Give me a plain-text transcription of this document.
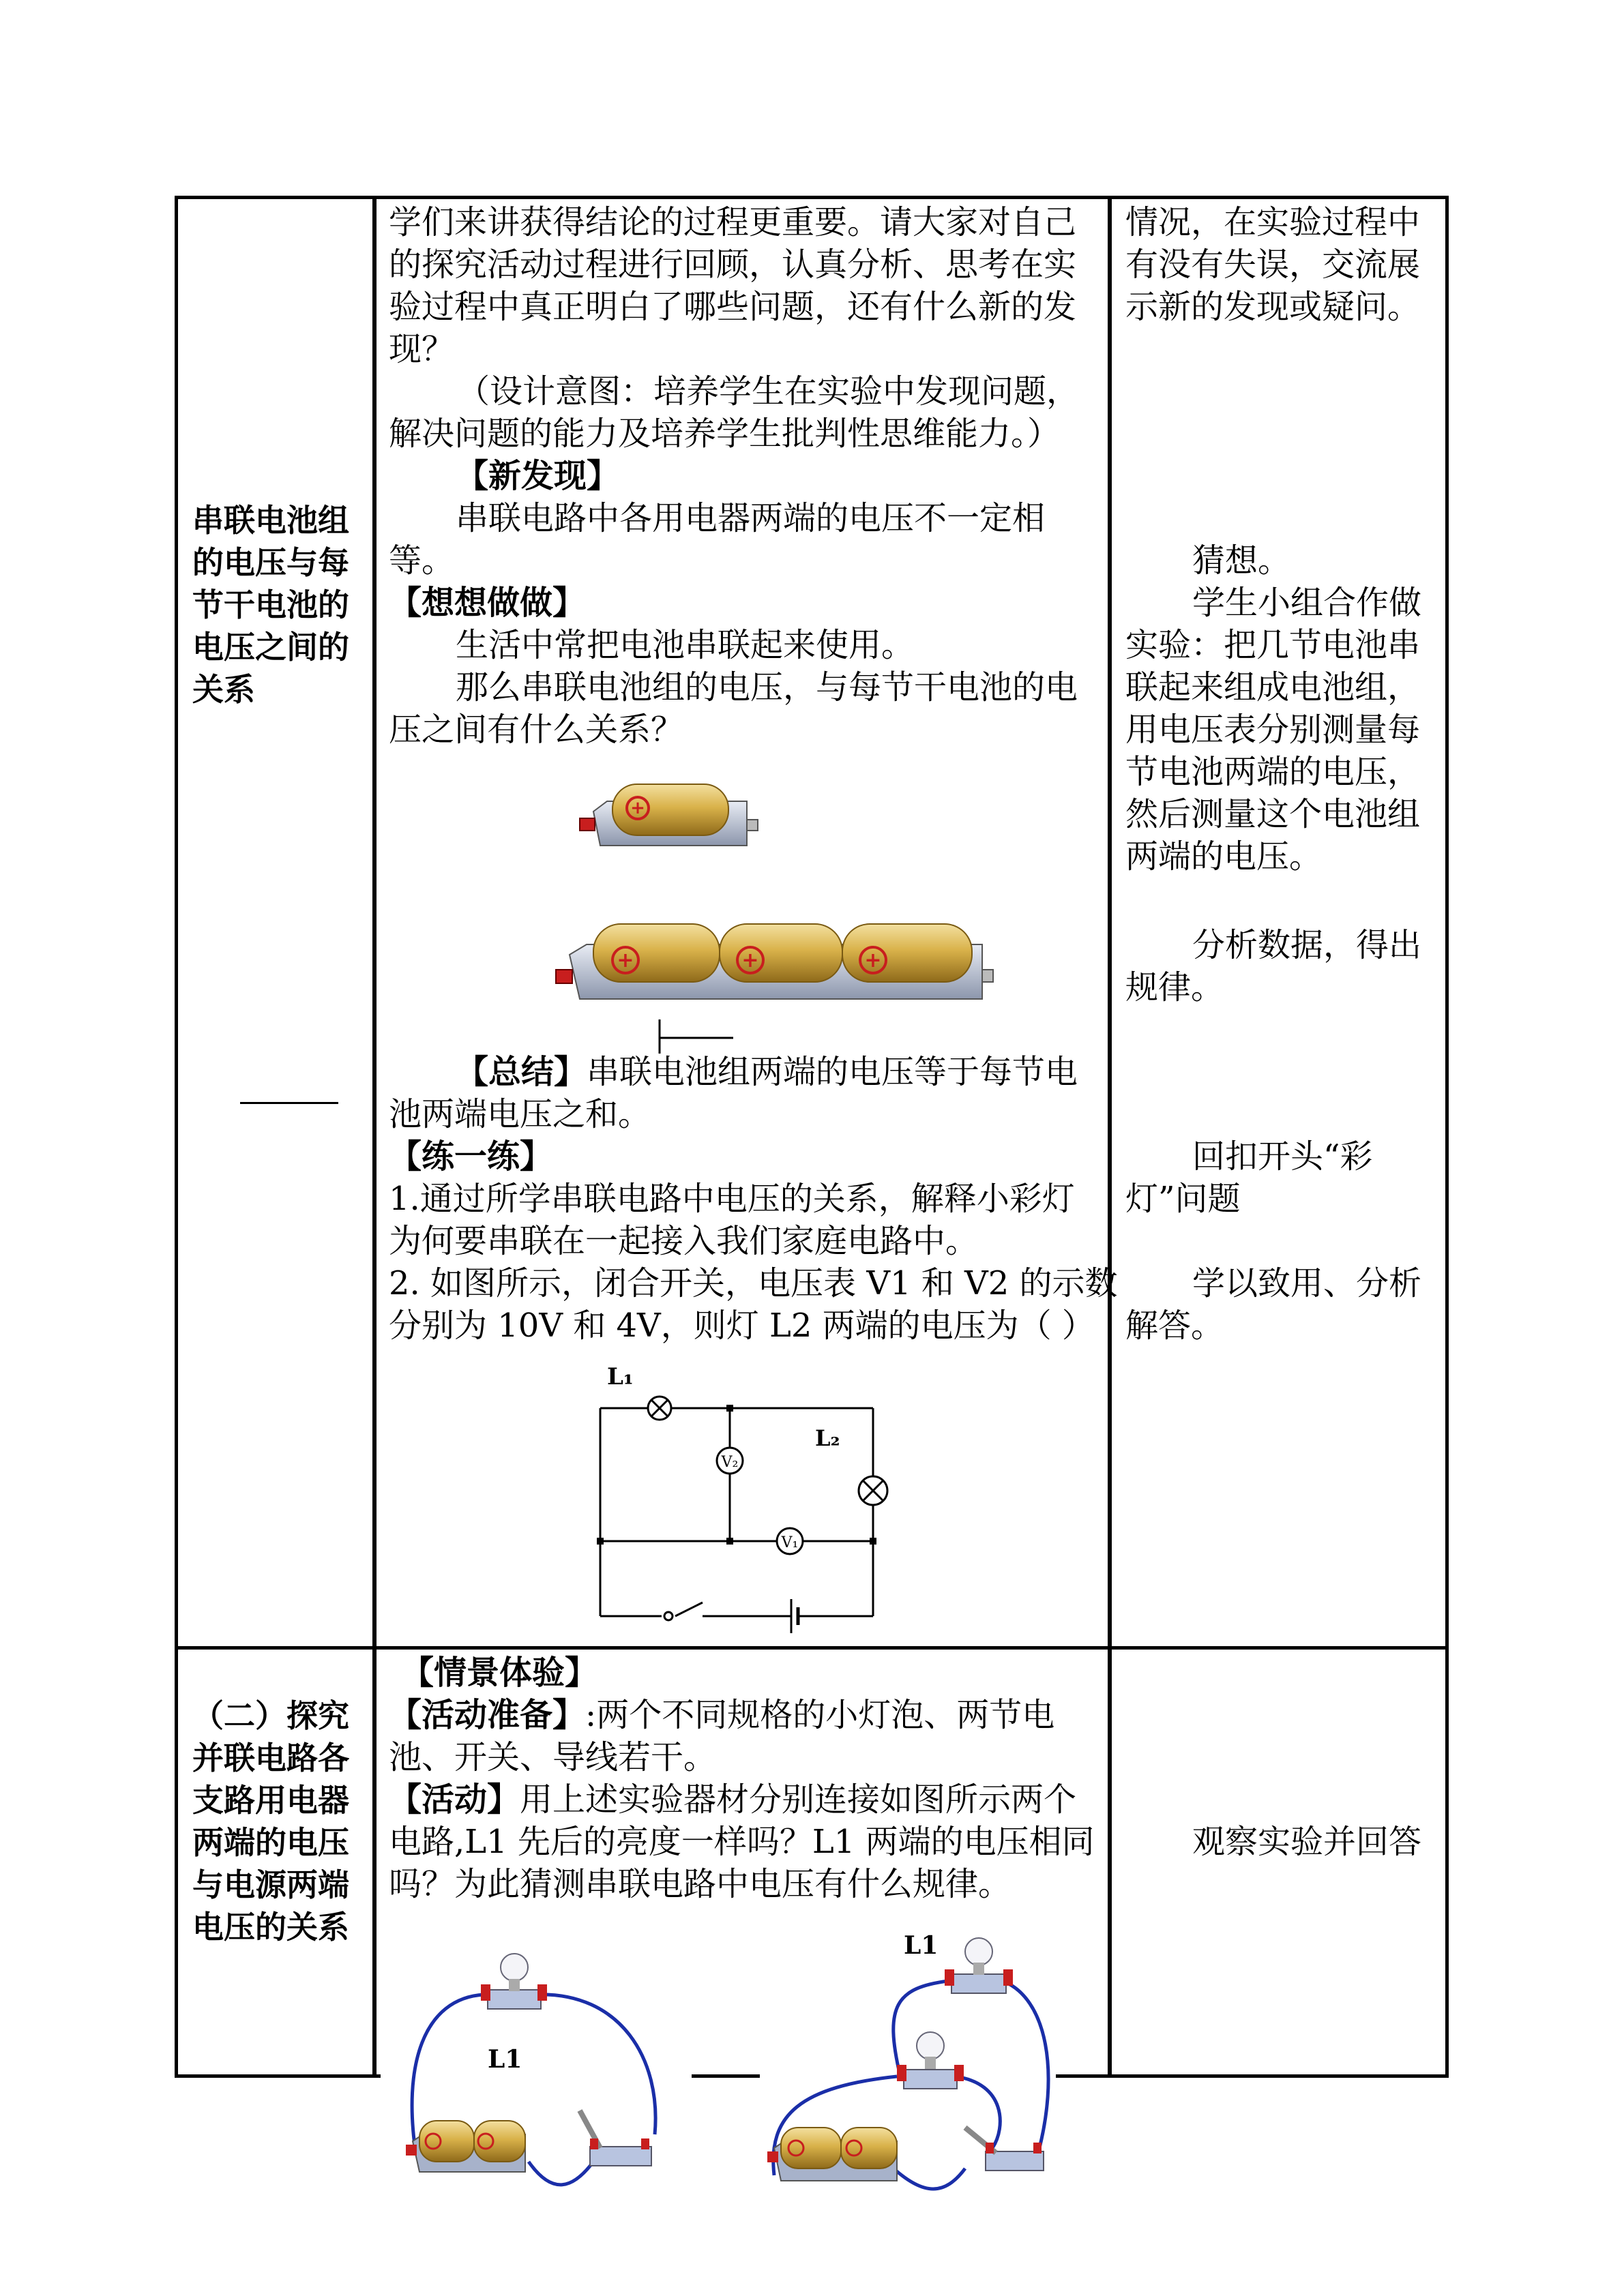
串联电池组
的电压与每
节干电池的
电压之间的
关系
学们来讲获得结论的过程更重要。请大家对自己
的探究活动过程进行回顾，认真分析、思考在实
验过程中真正明白了哪些问题，还有什么新的发
现？
（设计意图：培养学生在实验中发现问题，
解决问题的能力及培养学生批判性思维能力。）
【新发现】
串联电路中各用电器两端的电压不一定相
等。
【想想做做】
生活中常把电池串联起来使用。
那么串联电池组的电压，与每节干电池的电
压之间有什么关系？
【总结】串联电池组两端的电压等于每节电
池两端电压之和。
【练一练】
1.通过所学串联电路中电压的关系，解释小彩灯
为何要串联在一起接入我们家庭电路中。
2. 如图所示，闭合开关，电压表 V1 和 V2 的示数
分别为 10V 和 4V，则灯 L2 两端的电压为（ ）
情况，在实验过程中
有没有失误，交流展
示新的发现或疑问。
猜想。
学生小组合作做
实验：把几节电池串
联起来组成电池组，
用电压表分别测量每
节电池两端的电压，
然后测量这个电池组
两端的电压。
分析数据，得出
规律。
回扣开头“彩
灯”问题
学以致用、分析
解答。
+
+	+	+
L₁
L₂
V₂
V₁
（二）探究
并联电路各
支路用电器
两端的电压
与电源两端
电压的关系
【情景体验】
【活动准备】:两个不同规格的小灯泡、两节电
池、开关、导线若干。
【活动】用上述实验器材分别连接如图所示两个
电路,L1 先后的亮度一样吗？L1 两端的电压相同
吗？为此猜测串联电路中电压有什么规律。
观察实验并回答
L1
L1
